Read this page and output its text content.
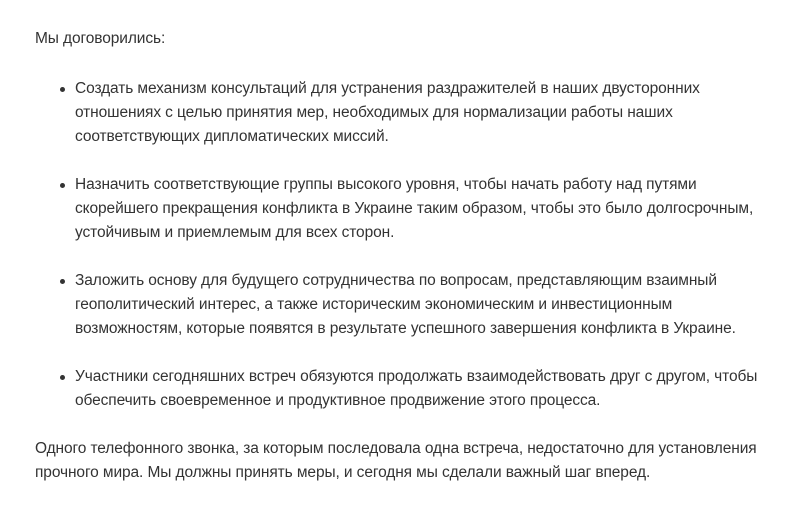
Мы договорились:

Создать механизм консультаций для устранения раздражителей в наших двусторонних отношениях с целью принятия мер, необходимых для нормализации работы наших соответствующих дипломатических миссий.
Назначить соответствующие группы высокого уровня, чтобы начать работу над путями скорейшего прекращения конфликта в Украине таким образом, чтобы это было долгосрочным, устойчивым и приемлемым для всех сторон.
Заложить основу для будущего сотрудничества по вопросам, представляющим взаимный геополитический интерес, а также историческим экономическим и инвестиционным возможностям, которые появятся в результате успешного завершения конфликта в Украине.
Участники сегодняшних встреч обязуются продолжать взаимодействовать друг с другом, чтобы обеспечить своевременное и продуктивное продвижение этого процесса.

Одного телефонного звонка, за которым последовала одна встреча, недостаточно для установления прочного мира. Мы должны принять меры, и сегодня мы сделали важный шаг вперед.
